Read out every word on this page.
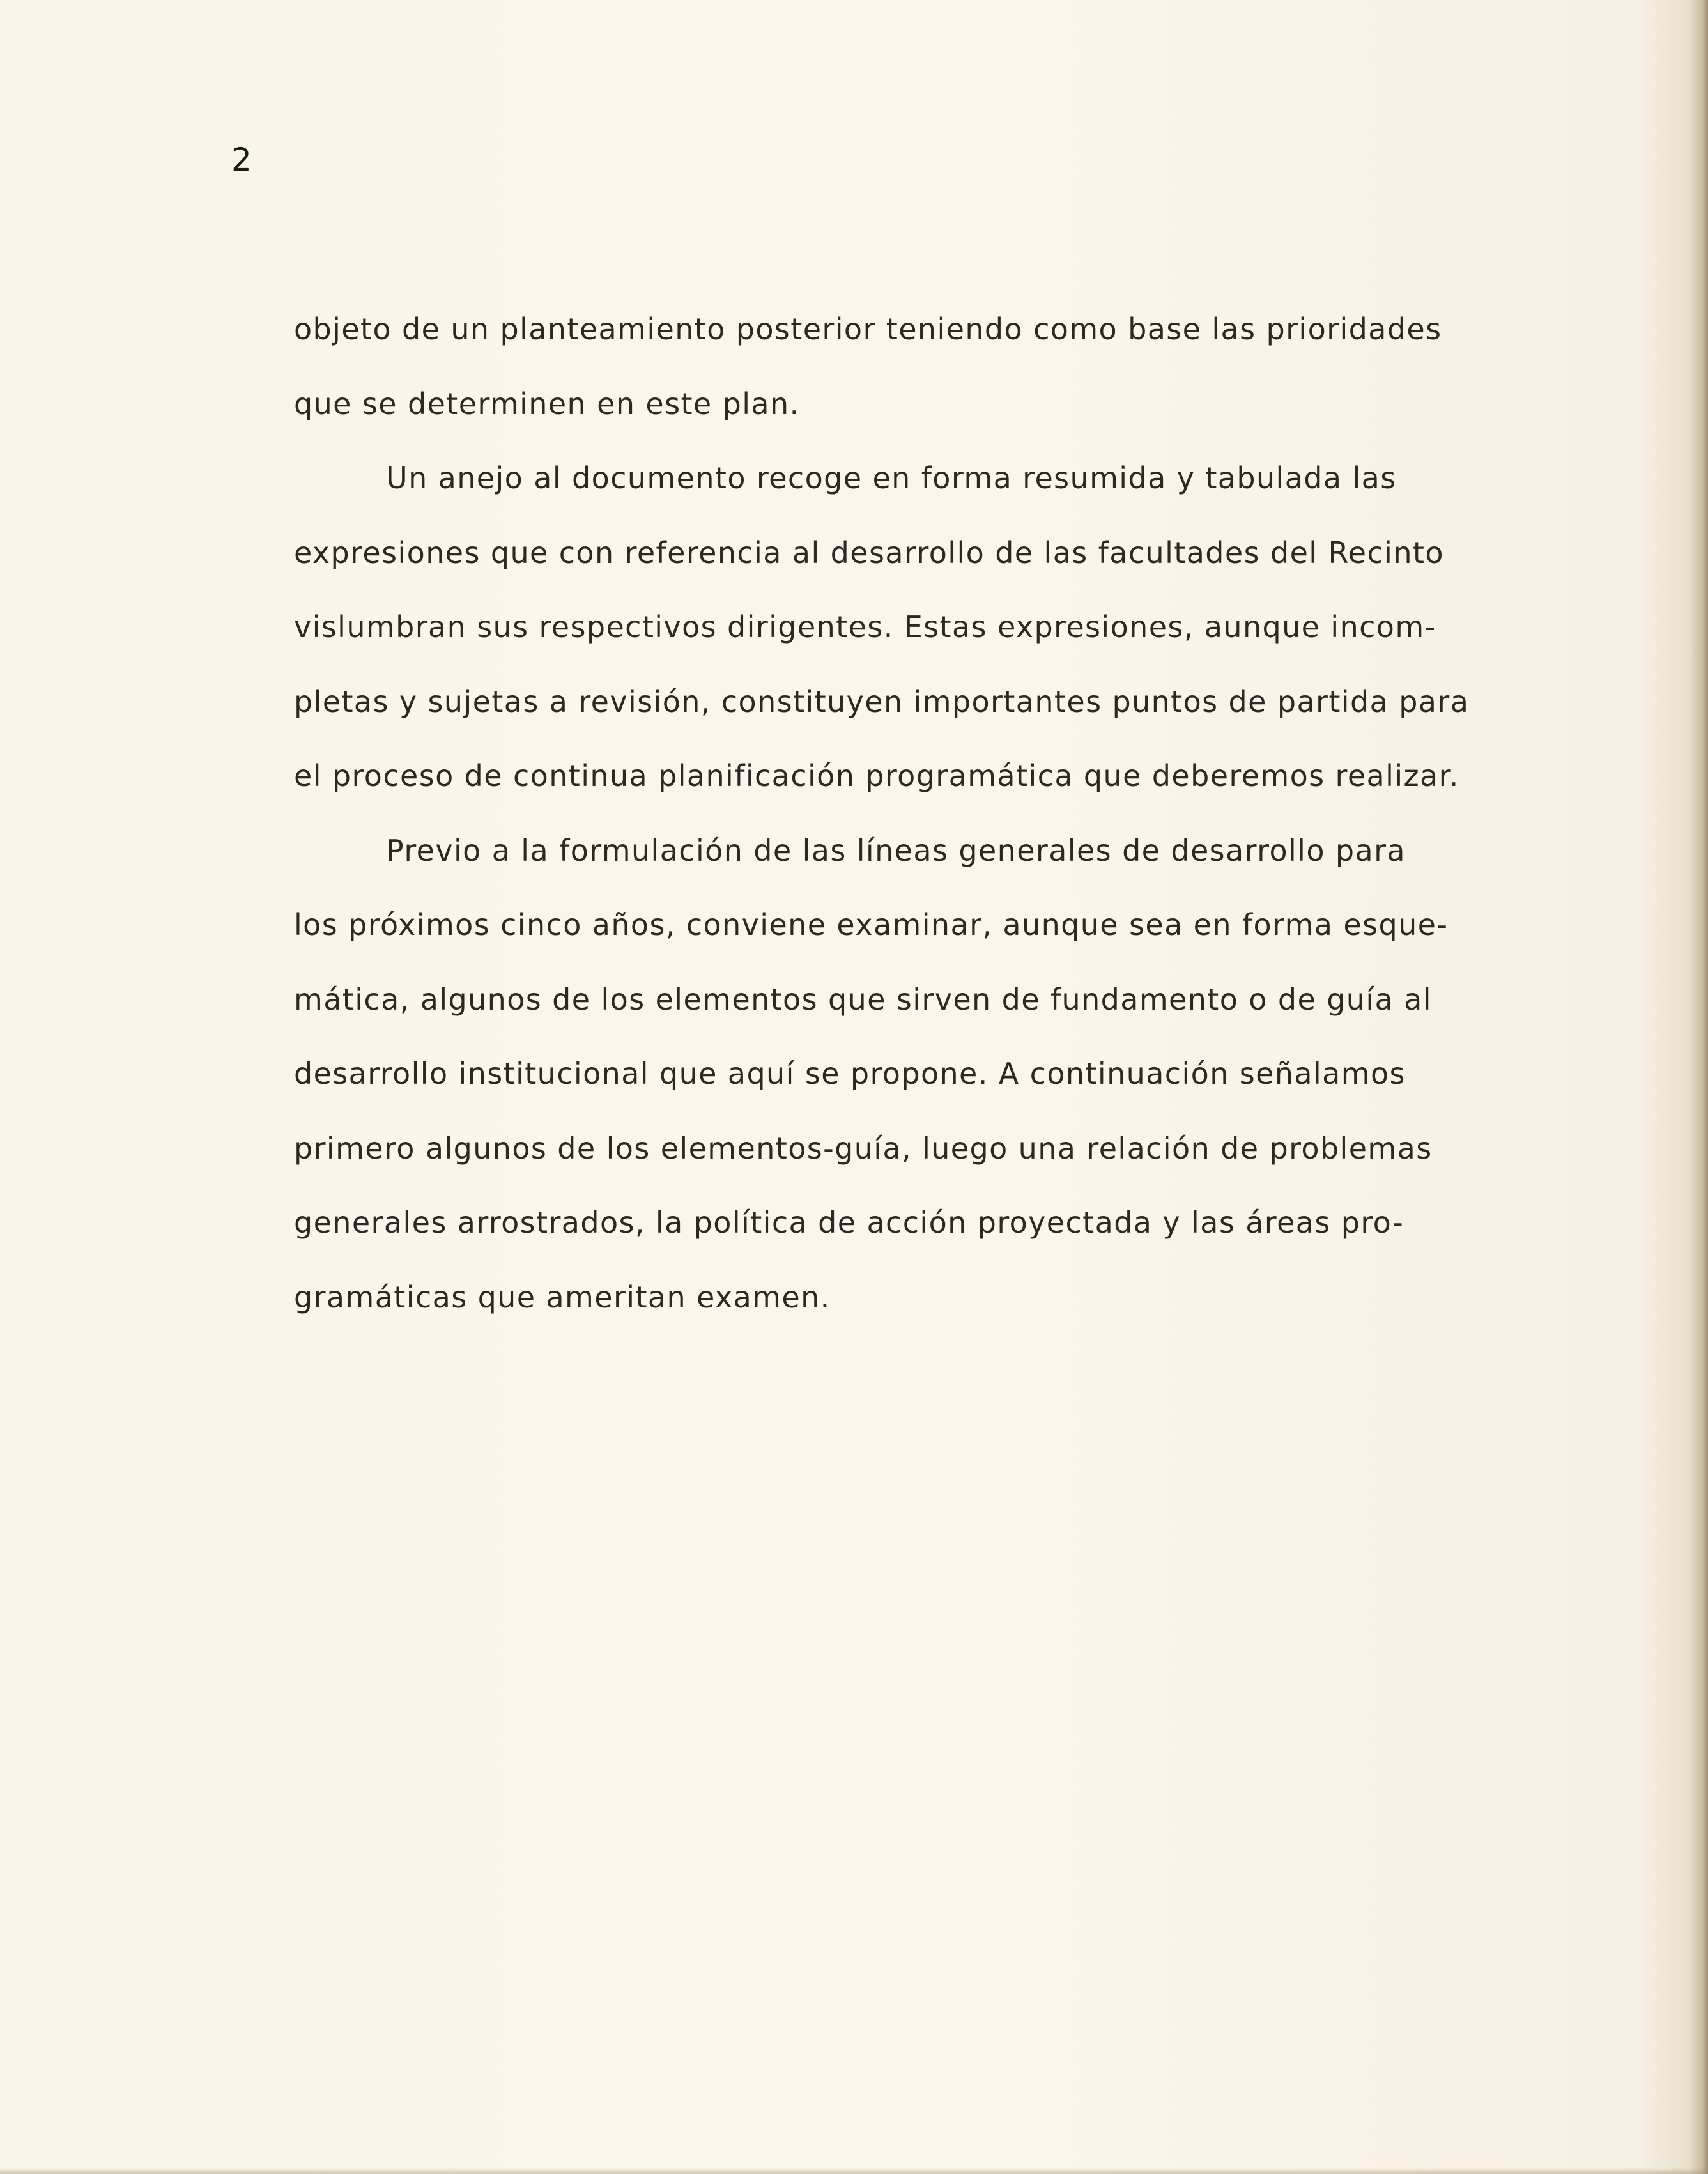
2
objeto de un planteamiento posterior teniendo como base las prioridades
que se determinen en este plan.
Un anejo al documento recoge en forma resumida y tabulada las
expresiones que con referencia al desarrollo de las facultades del Recinto
vislumbran sus respectivos dirigentes. Estas expresiones, aunque incom-
pletas y sujetas a revisión, constituyen importantes puntos de partida para
el proceso de continua planificación programática que deberemos realizar.
Previo a la formulación de las líneas generales de desarrollo para
los próximos cinco años, conviene examinar, aunque sea en forma esque-
mática, algunos de los elementos que sirven de fundamento o de guía al
desarrollo institucional que aquí se propone. A continuación señalamos
primero algunos de los elementos-guía, luego una relación de problemas
generales arrostrados, la política de acción proyectada y las áreas pro-
gramáticas que ameritan examen.
